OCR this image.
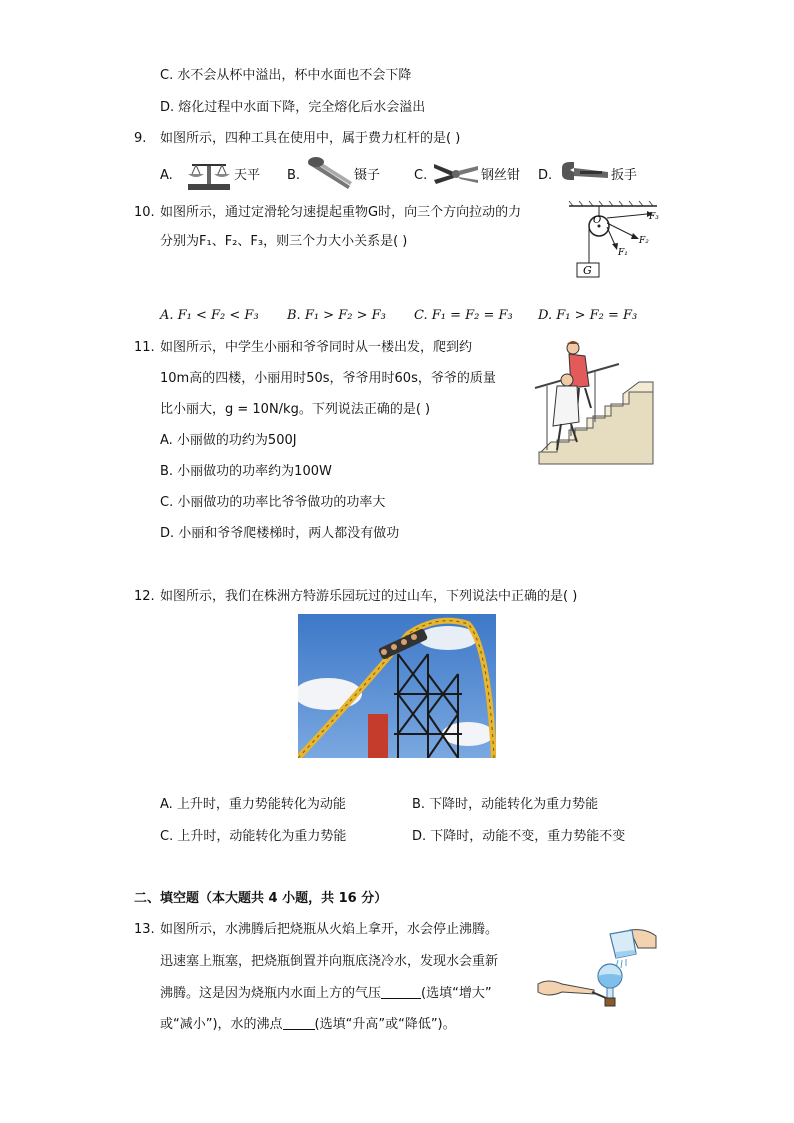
C. 水不会从杯中溢出，杯中水面也不会下降
D. 熔化过程中水面下降，完全熔化后水会溢出
9. 如图所示，四种工具在使用中，属于费力杠杆的是( )
A.	天平 B.	镊子	C.	钢丝钳 D.	扳手
10. 如图所示，通过定滑轮匀速提起重物G时，向三个方向拉动的力
分别为F₁、F₂、F₃，则三个力大小关系是( )
G
O	F₃
F₂
F₁
A. F₁ < F₂ < F₃ B. F₁ > F₂ > F₃ C. F₁ = F₂ = F₃ D. F₁ > F₂ = F₃
11. 如图所示，中学生小丽和爷爷同时从一楼出发，爬到约
10m高的四楼，小丽用时50s，爷爷用时60s，爷爷的质量
比小丽大，g = 10N/kg。下列说法正确的是( )
A. 小丽做的功约为500J
B. 小丽做功的功率约为100W
C. 小丽做功的功率比爷爷做功的功率大
D. 小丽和爷爷爬楼梯时，两人都没有做功
12. 如图所示，我们在株洲方特游乐园玩过的过山车，下列说法中正确的是( )
A. 上升时，重力势能转化为动能	B. 下降时，动能转化为重力势能
C. 上升时，动能转化为重力势能	D. 下降时，动能不变，重力势能不变
二、填空题（本大题共 4 小题，共 16 分）
13. 如图所示，水沸腾后把烧瓶从火焰上拿开，水会停止沸腾。
迅速塞上瓶塞，把烧瓶倒置并向瓶底浇冷水，发现水会重新
沸腾。这是因为烧瓶内水面上方的气压	(选填“增大”
或“减小”)，水的沸点 (选填“升高”或“降低”)。
